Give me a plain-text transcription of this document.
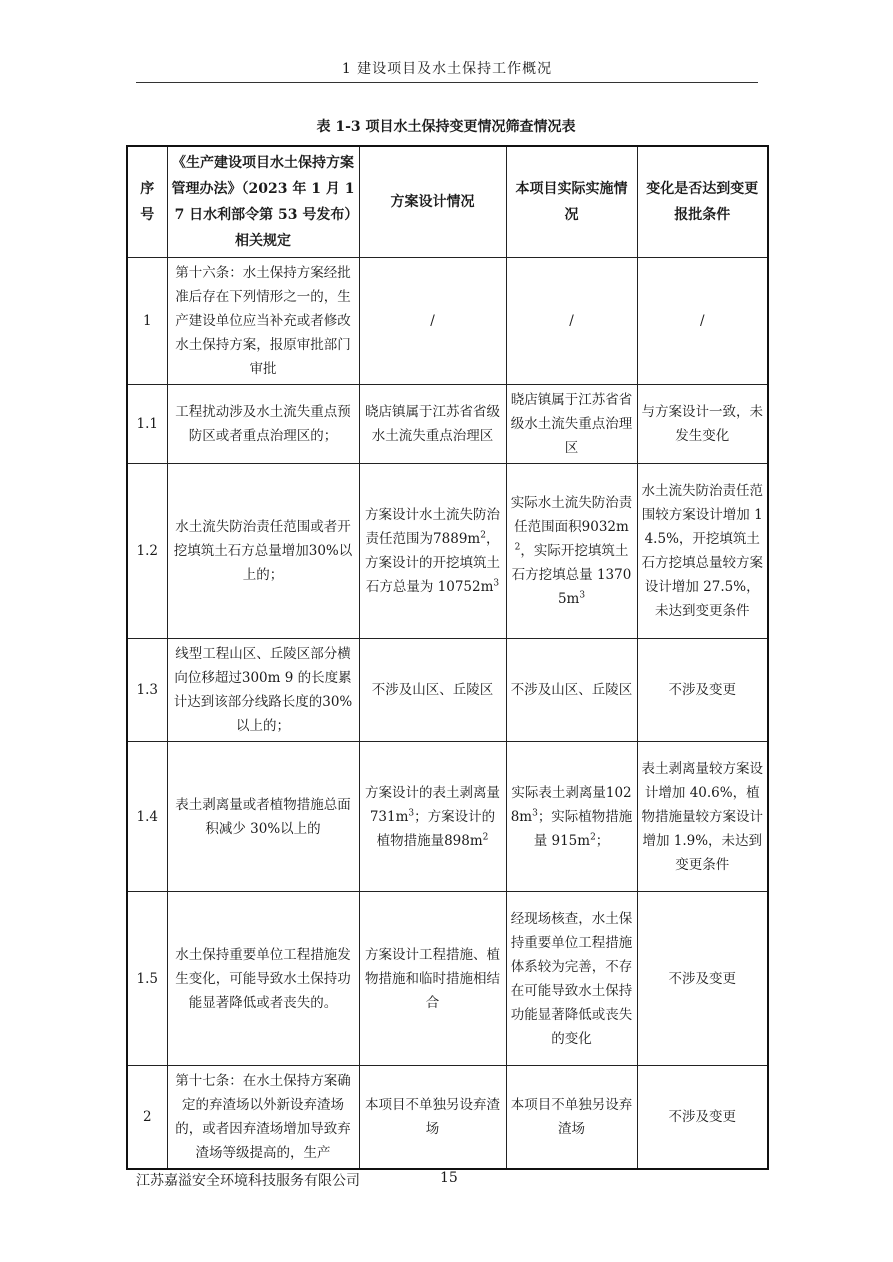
1 建设项目及水土保持工作概况
表 1-3 项目水土保持变更情况筛查情况表
序号	《生产建设项目水土保持方案管理办法》（2023 年 1 月 17 日水利部令第 53 号发布）相关规定	方案设计情况	本项目实际实施情况	变化是否达到变更报批条件
1	第十六条：水土保持方案经批准后存在下列情形之一的，生产建设单位应当补充或者修改水土保持方案，报原审批部门审批	/	/	/
1.1	工程扰动涉及水土流失重点预防区或者重点治理区的；	晓店镇属于江苏省省级水土流失重点治理区	晓店镇属于江苏省省级水土流失重点治理区	与方案设计一致，未发生变化
1.2	水土流失防治责任范围或者开挖填筑土石方总量增加30%以上的；	方案设计水土流失防治责任范围为$7889m^2$，方案设计的开挖填筑土石方总量为 $10752m^3$	实际水土流失防治责任范围面积$9032m^2$，实际开挖填筑土石方挖填总量 $13705m^3$	水土流失防治责任范围较方案设计增加 14.5%，开挖填筑土石方挖填总量较方案设计增加 27.5%，未达到变更条件
1.3	线型工程山区、丘陵区部分横向位移超过300m 9 的长度累计达到该部分线路长度的30%以上的；	不涉及山区、丘陵区	不涉及山区、丘陵区	不涉及变更
1.4	表土剥离量或者植物措施总面积减少 30%以上的	方案设计的表土剥离量 $731m^3$；方案设计的植物措施量$898m^2$	实际表土剥离量$1028m^3$；实际植物措施量 $915m^2$；	表土剥离量较方案设计增加 40.6%，植物措施量较方案设计增加 1.9%，未达到变更条件
1.5	水土保持重要单位工程措施发生变化，可能导致水土保持功能显著降低或者丧失的。	方案设计工程措施、植物措施和临时措施相结合	经现场核查，水土保持重要单位工程措施体系较为完善，不存在可能导致水土保持功能显著降低或丧失的变化	不涉及变更
2	第十七条：在水土保持方案确定的弃渣场以外新设弃渣场的，或者因弃渣场增加导致弃渣场等级提高的，生产	本项目不单独另设弃渣场	本项目不单独另设弃渣场	不涉及变更
江苏嘉溢安全环境科技服务有限公司	15
